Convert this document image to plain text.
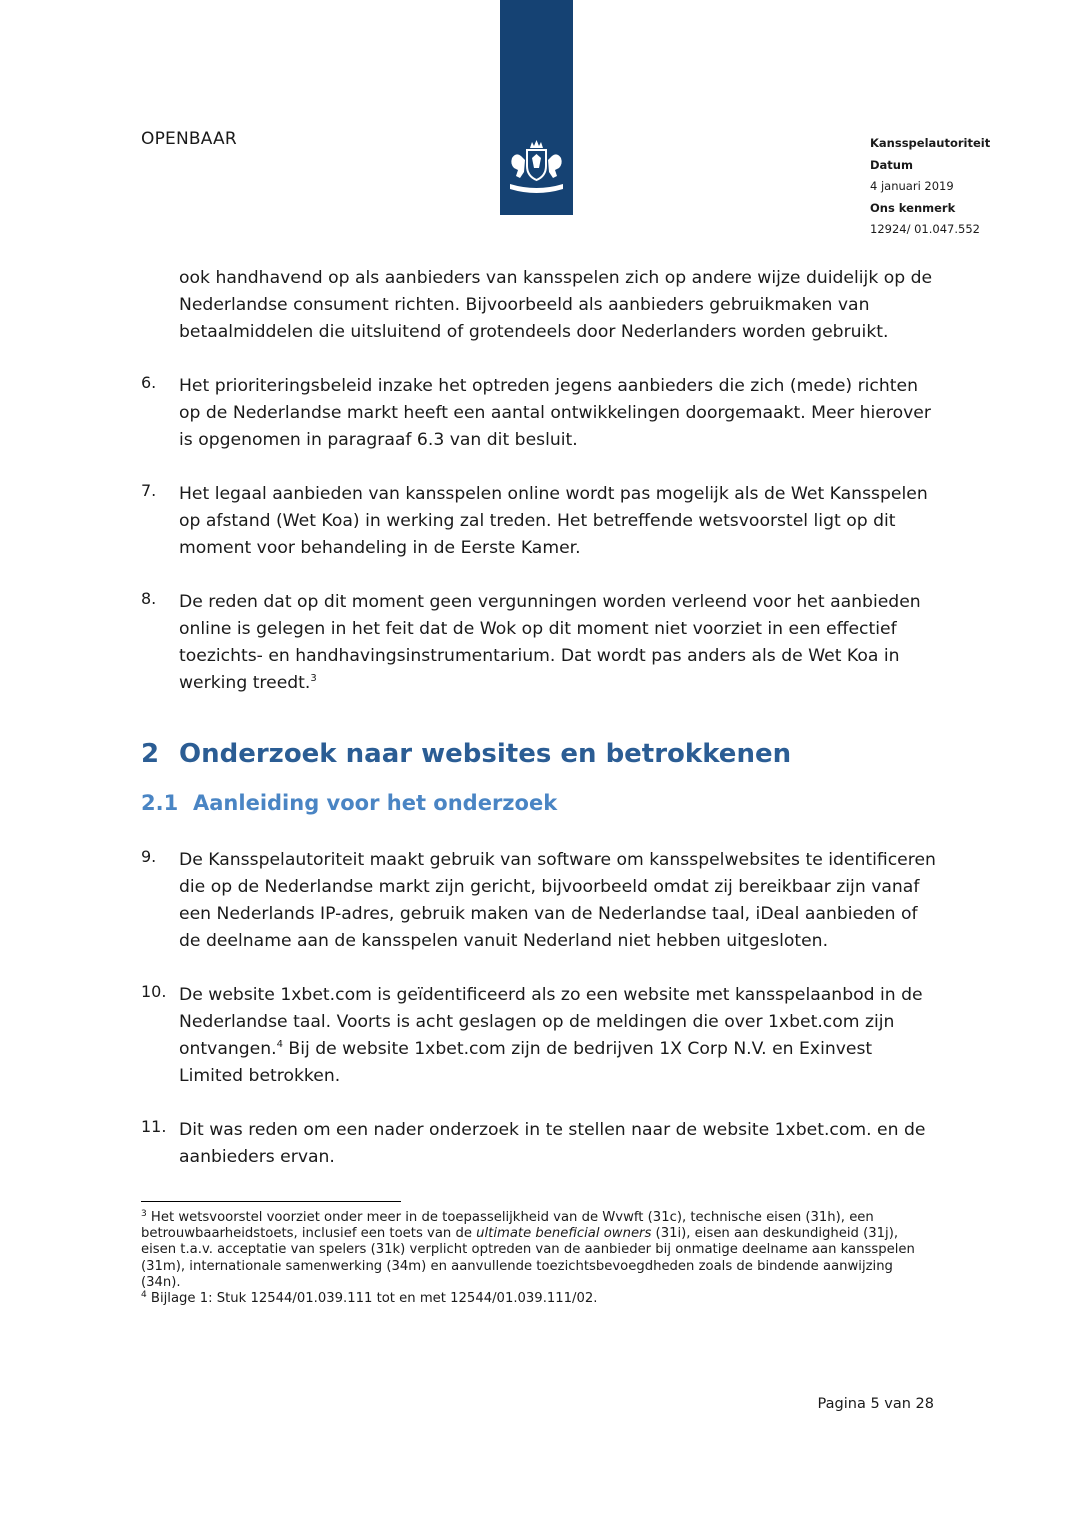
OPENBAAR	Kansspelautoriteit
Datum
4 januari 2019
Ons kenmerk
12924/ 01.047.552

ook handhavend op als aanbieders van kansspelen zich op andere wijze duidelijk op de Nederlandse consument richten. Bijvoorbeeld als aanbieders gebruikmaken van betaalmiddelen die uitsluitend of grotendeels door Nederlanders worden gebruikt.

6.	Het prioriteringsbeleid inzake het optreden jegens aanbieders die zich (mede) richten op de Nederlandse markt heeft een aantal ontwikkelingen doorgemaakt. Meer hierover is opgenomen in paragraaf 6.3 van dit besluit.

7.	Het legaal aanbieden van kansspelen online wordt pas mogelijk als de Wet Kansspelen op afstand (Wet Koa) in werking zal treden. Het betreffende wetsvoorstel ligt op dit moment voor behandeling in de Eerste Kamer.

8.	De reden dat op dit moment geen vergunningen worden verleend voor het aanbieden online is gelegen in het feit dat de Wok op dit moment niet voorziet in een effectief toezichts- en handhavingsinstrumentarium. Dat wordt pas anders als de Wet Koa in werking treedt.$^3$

2 Onderzoek naar websites en betrokkenen
2.1 Aanleiding voor het onderzoek
9.	De Kansspelautoriteit maakt gebruik van software om kansspelwebsites te identificeren die op de Nederlandse markt zijn gericht, bijvoorbeeld omdat zij bereikbaar zijn vanaf een Nederlands IP-adres, gebruik maken van de Nederlandse taal, iDeal aanbieden of de deelname aan de kansspelen vanuit Nederland niet hebben uitgesloten.

10. De website 1xbet.com is geïdentificeerd als zo een website met kansspelaanbod in de Nederlandse taal. Voorts is acht geslagen op de meldingen die over 1xbet.com zijn ontvangen.$^4$ Bij de website 1xbet.com zijn de bedrijven 1X Corp N.V. en Exinvest Limited betrokken.

11. Dit was reden om een nader onderzoek in te stellen naar de website 1xbet.com. en de aanbieders ervan.

$^3$ Het wetsvoorstel voorziet onder meer in de toepasselijkheid van de Wvwft (31c), technische eisen (31h), een betrouwbaarheidstoets, inclusief een toets van de ultimate beneficial owners (31i), eisen aan deskundigheid (31j), eisen t.a.v. acceptatie van spelers (31k) verplicht optreden van de aanbieder bij onmatige deelname aan kansspelen (31m), internationale samenwerking (34m) en aanvullende toezichtsbevoegdheden zoals de bindende aanwijzing (34n).
$^4$ Bijlage 1: Stuk 12544/01.039.111 tot en met 12544/01.039.111/02.
Pagina 5 van 28
